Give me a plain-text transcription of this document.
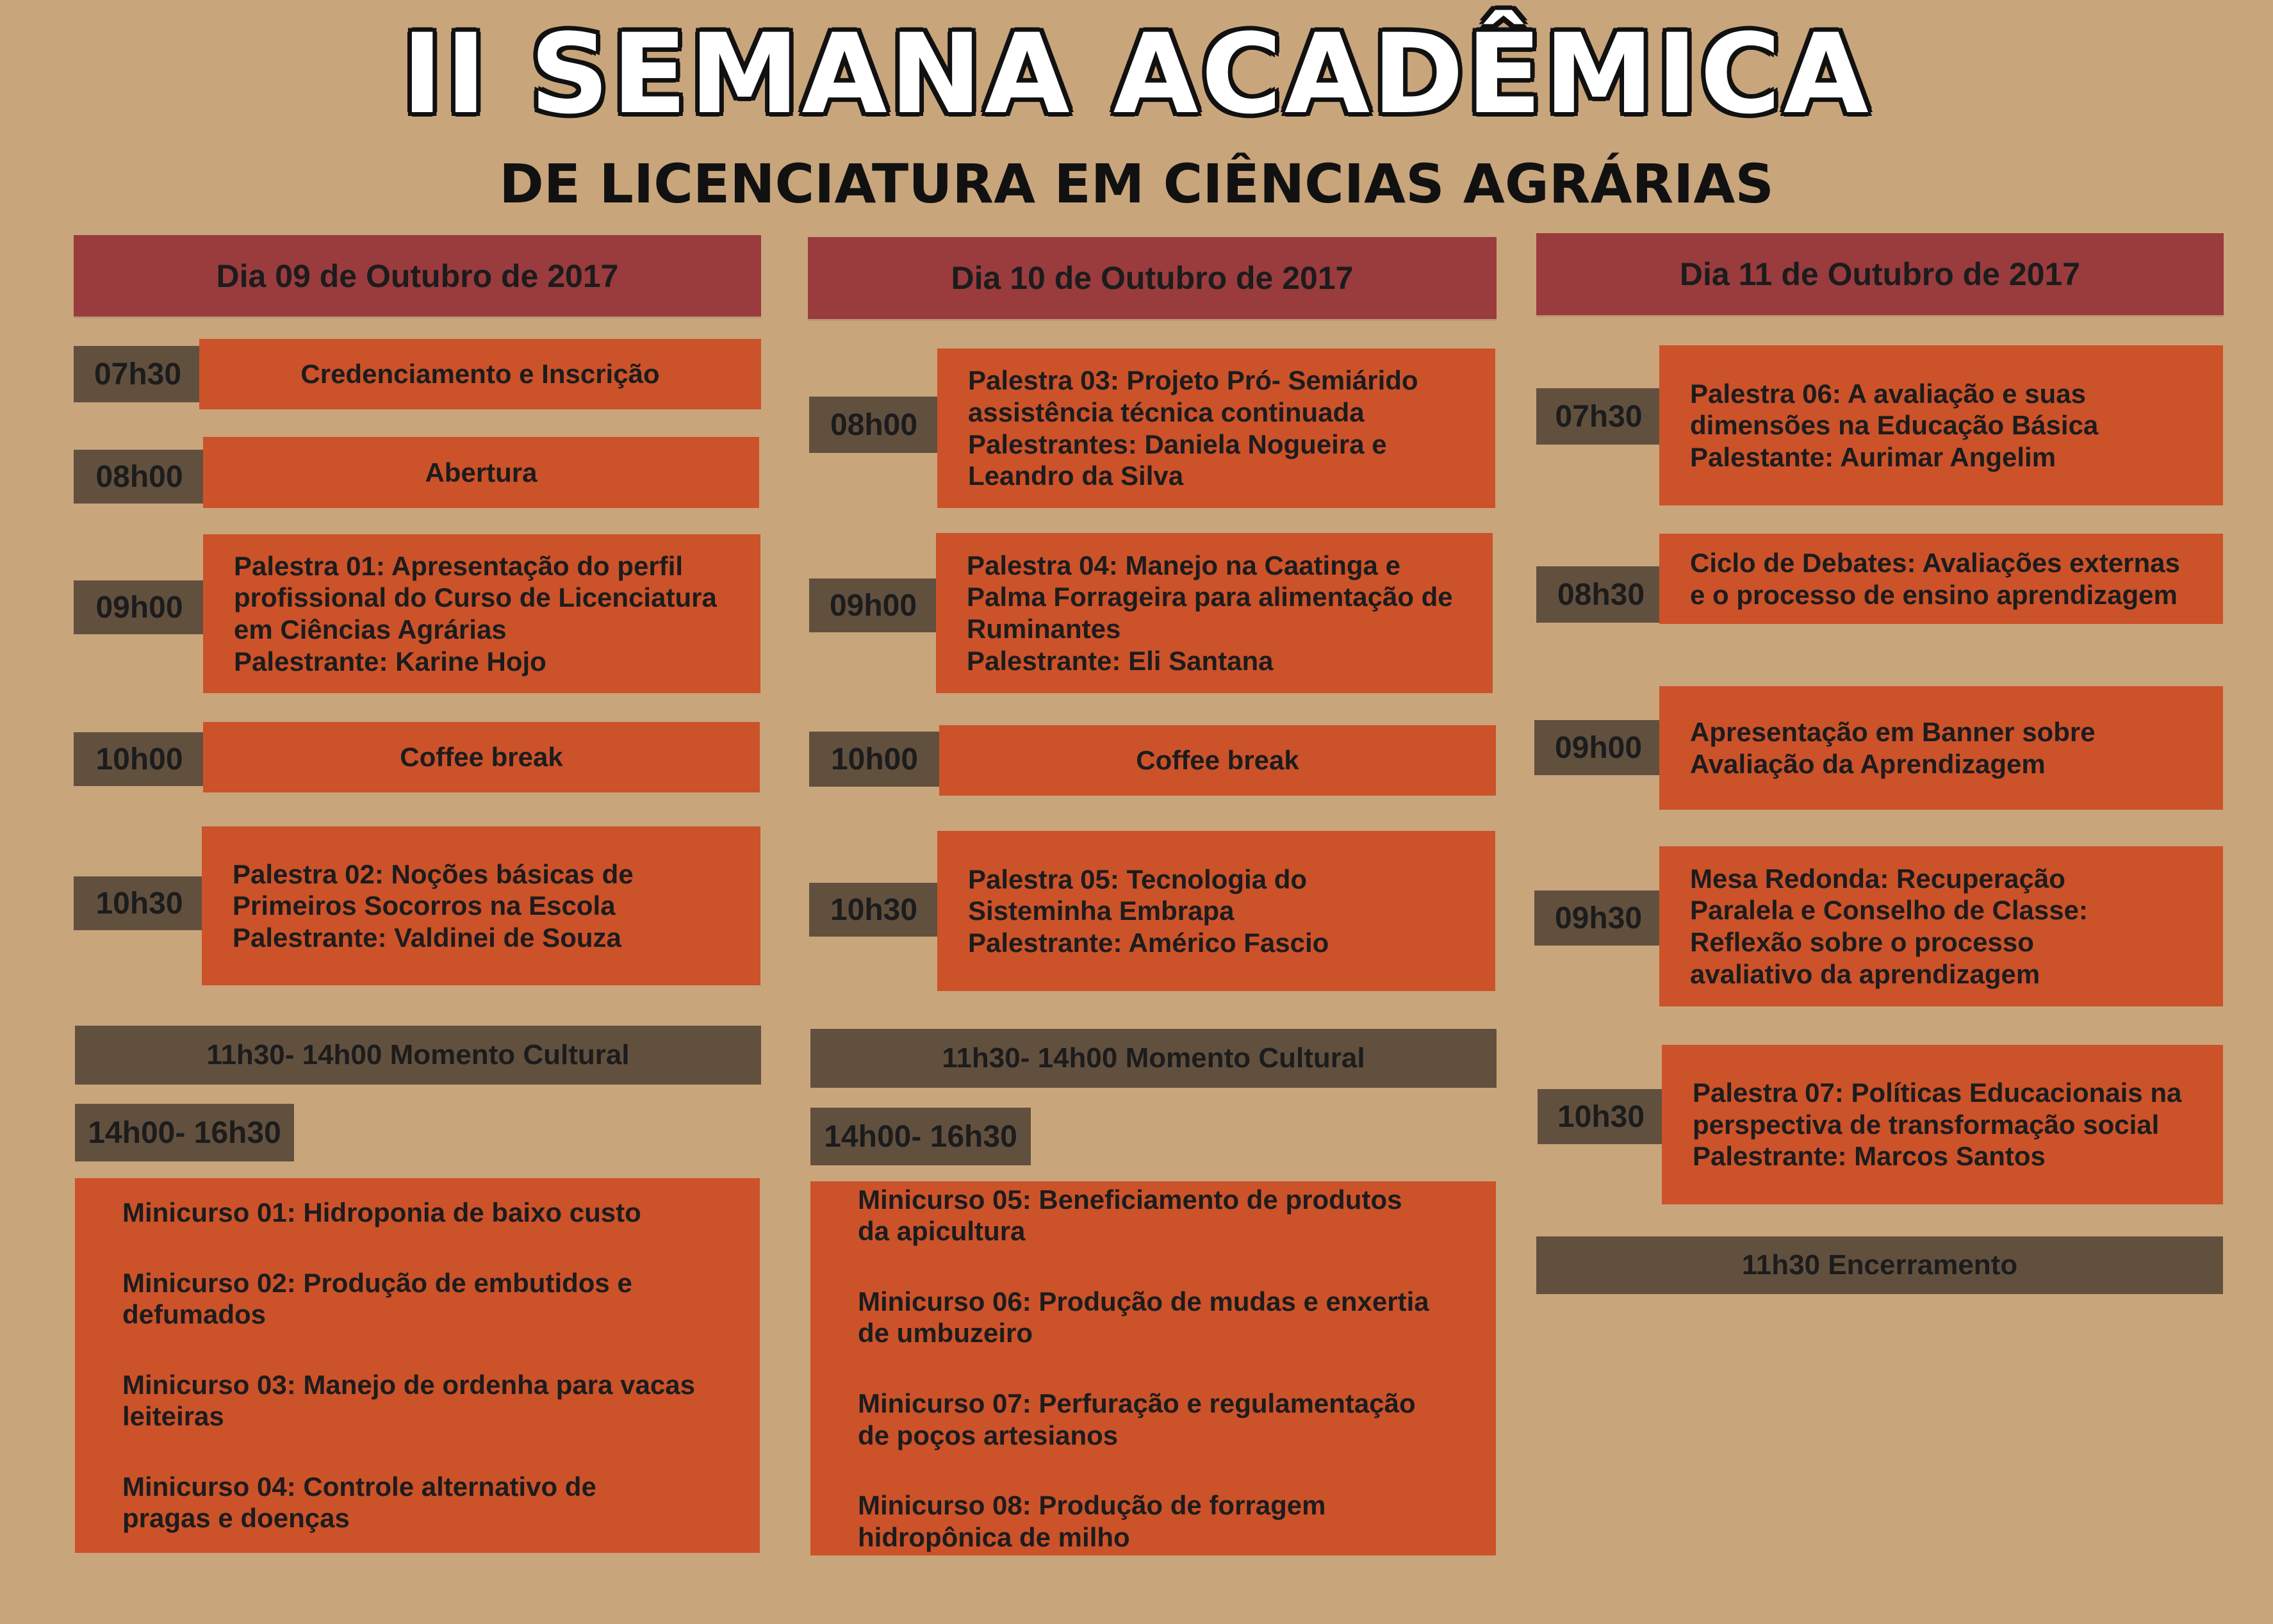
II SEMANA ACADÊMICA
DE LICENCIATURA EM CIÊNCIAS AGRÁRIAS
Dia 09 de Outubro de 2017
07h30	Credenciamento e Inscrição
08h00	Abertura
09h00
Palestra 01: Apresentação do perfil
profissional do Curso de Licenciatura
em Ciências Agrárias
Palestrante: Karine Hojo
10h00	Coffee break
10h30
Palestra 02: Noções básicas de
Primeiros Socorros na Escola
Palestrante: Valdinei de Souza
11h30- 14h00 Momento Cultural
14h00- 16h30
Minicurso 01: Hidroponia de baixo custo
Minicurso 02: Produção de embutidos e
defumados
Minicurso 03: Manejo de ordenha para vacas
leiteiras
Minicurso 04: Controle alternativo de
pragas e doenças
Dia 10 de Outubro de 2017
08h00
Palestra 03: Projeto Pró- Semiárido
assistência técnica continuada
Palestrantes: Daniela Nogueira e
Leandro da Silva
09h00
Palestra 04: Manejo na Caatinga e
Palma Forrageira para alimentação de
Ruminantes
Palestrante: Eli Santana
10h00	Coffee break
10h30
Palestra 05: Tecnologia do
Sisteminha Embrapa
Palestrante: Américo Fascio
11h30- 14h00 Momento Cultural
14h00- 16h30
Minicurso 05: Beneficiamento de produtos
da apicultura
Minicurso 06: Produção de mudas e enxertia
de umbuzeiro
Minicurso 07: Perfuração e regulamentação
de poços artesianos
Minicurso 08: Produção de forragem
hidropônica de milho
Dia 11 de Outubro de 2017
07h30
Palestra 06: A avaliação e suas
dimensões na Educação Básica
Palestante: Aurimar Angelim
08h30
Ciclo de Debates: Avaliações externas
e o processo de ensino aprendizagem
09h00	Apresentação em Banner sobre
Avaliação da Aprendizagem
09h30
Mesa Redonda: Recuperação
Paralela e Conselho de Classe:
Reflexão sobre o processo
avaliativo da aprendizagem
10h30
Palestra 07: Políticas Educacionais na
perspectiva de transformação social
Palestrante: Marcos Santos
11h30 Encerramento
